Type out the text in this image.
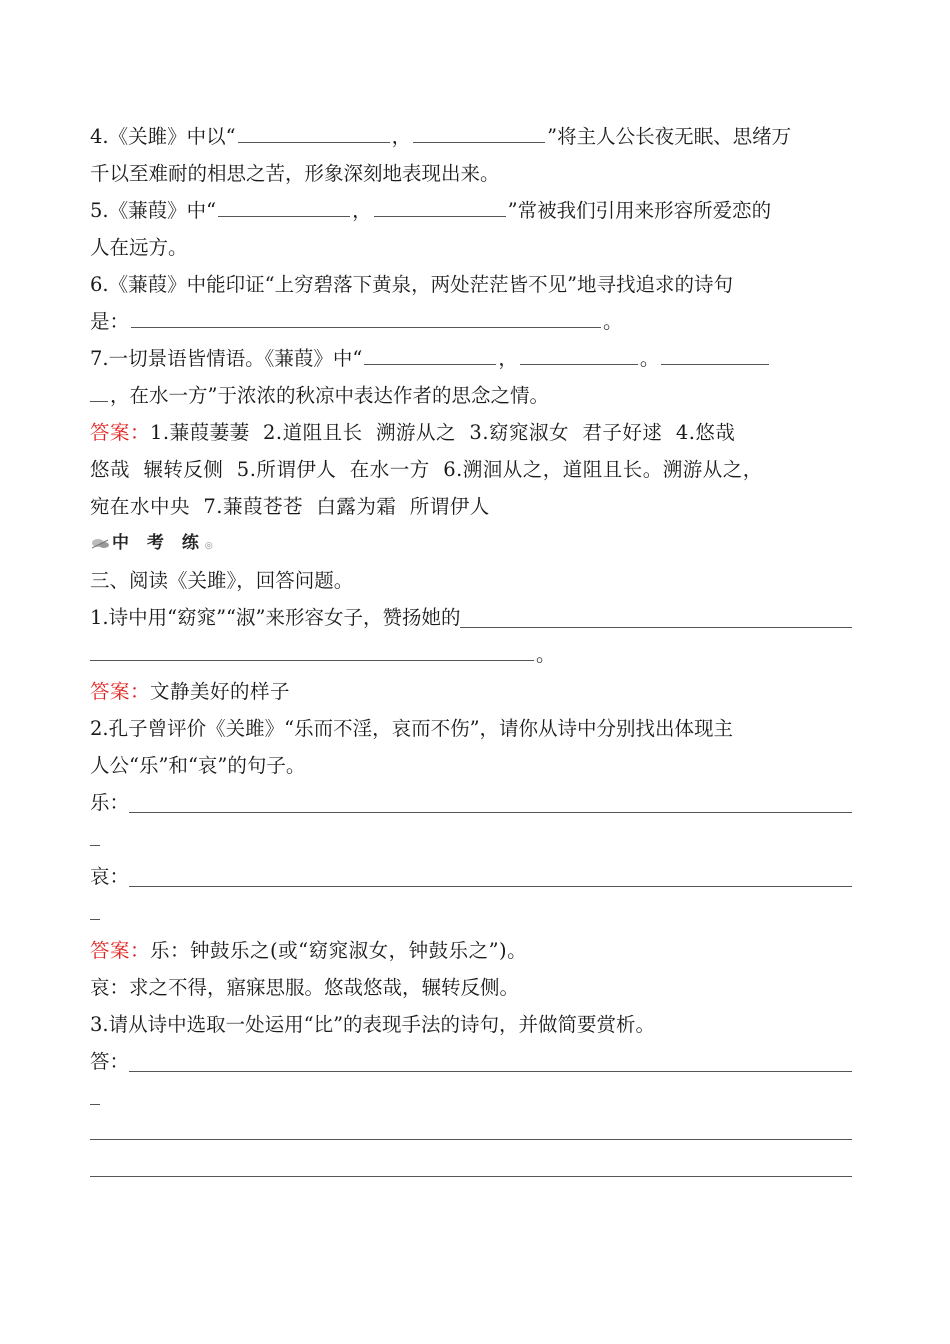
4.《关雎》中以“	，	”将主人公长夜无眠、思绪万
千以至难耐的相思之苦，形象深刻地表现出来。
5.《蒹葭》中“	，	”常被我们引用来形容所爱恋的
人在远方。
6.《蒹葭》中能印证“上穷碧落下黄泉，两处茫茫皆不见”地寻找追求的诗句
是：	。
7.一切景语皆情语。《蒹葭》中“	，	。
，在水一方”于浓浓的秋凉中表达作者的思念之情。
答案：1.蒹葭萋萋  2.道阻且长  溯游从之  3.窈窕淑女  君子好逑  4.悠哉
悠哉  辗转反侧  5.所谓伊人  在水一方  6.溯洄从之，道阻且长。溯游从之，
宛在水中央  7.蒹葭苍苍  白露为霜  所谓伊人
中 考 练◎
三、阅读《关雎》，回答问题。
1.诗中用“窈窕”“淑”来形容女子，赞扬她的
。
答案：文静美好的样子
2.孔子曾评价《关雎》“乐而不淫，哀而不伤”，请你从诗中分别找出体现主
人公“乐”和“哀”的句子。
乐：
哀：
答案：乐：钟鼓乐之(或“窈窕淑女，钟鼓乐之”)。
哀：求之不得，寤寐思服。悠哉悠哉，辗转反侧。
3.请从诗中选取一处运用“比”的表现手法的诗句，并做简要赏析。
答：
